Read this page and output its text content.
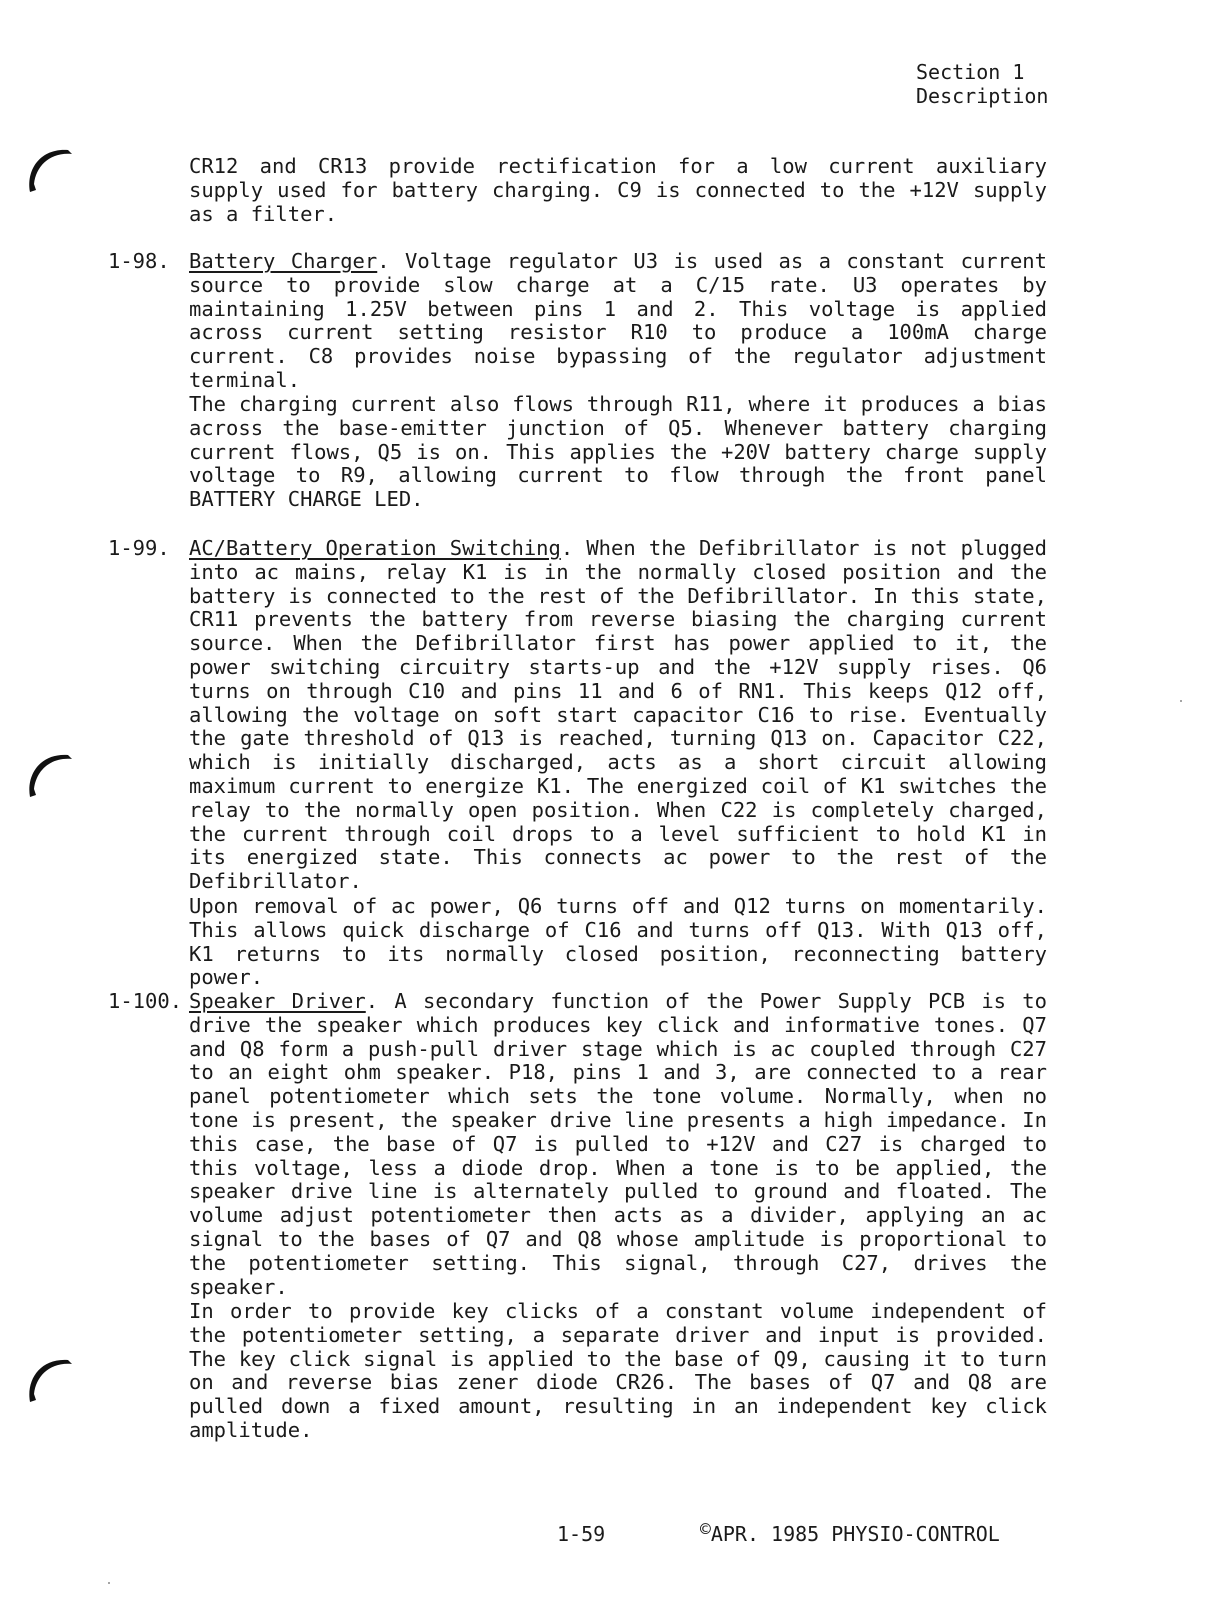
Section 1
Description

CR12 and CR13 provide rectification for a low current auxiliary supply used for battery charging. C9 is connected to the +12V supply as a filter.

1-98. Battery Charger. Voltage regulator U3 is used as a constant current source to provide slow charge at a C/15 rate. U3 operates by maintaining 1.25V between pins 1 and 2. This voltage is applied across current setting resistor R10 to produce a 100mA charge current. C8 provides noise bypassing of the regulator adjustment terminal.

The charging current also flows through R11, where it produces a bias across the base-emitter junction of Q5. Whenever battery charging current flows, Q5 is on. This applies the +20V battery charge supply voltage to R9, allowing current to flow through the front panel BATTERY CHARGE LED.

1-99. AC/Battery Operation Switching. When the Defibrillator is not plugged into ac mains, relay K1 is in the normally closed position and the battery is connected to the rest of the Defibrillator. In this state, CR11 prevents the battery from reverse biasing the charging current source. When the Defibrillator first has power applied to it, the power switching circuitry starts-up and the +12V supply rises. Q6 turns on through C10 and pins 11 and 6 of RN1. This keeps Q12 off, allowing the voltage on soft start capacitor C16 to rise. Eventually the gate threshold of Q13 is reached, turning Q13 on. Capacitor C22, which is initially discharged, acts as a short circuit allowing maximum current to energize K1. The energized coil of K1 switches the relay to the normally open position. When C22 is completely charged, the current through coil drops to a level sufficient to hold K1 in its energized state. This connects ac power to the rest of the Defibrillator.

Upon removal of ac power, Q6 turns off and Q12 turns on momentarily. This allows quick discharge of C16 and turns off Q13. With Q13 off, K1 returns to its normally closed position, reconnecting battery power.

1-100. Speaker Driver. A secondary function of the Power Supply PCB is to drive the speaker which produces key click and informative tones. Q7 and Q8 form a push-pull driver stage which is ac coupled through C27 to an eight ohm speaker. P18, pins 1 and 3, are connected to a rear panel potentiometer which sets the tone volume. Normally, when no tone is present, the speaker drive line presents a high impedance. In this case, the base of Q7 is pulled to +12V and C27 is charged to this voltage, less a diode drop. When a tone is to be applied, the speaker drive line is alternately pulled to ground and floated. The volume adjust potentiometer then acts as a divider, applying an ac signal to the bases of Q7 and Q8 whose amplitude is proportional to the potentiometer setting. This signal, through C27, drives the speaker.

In order to provide key clicks of a constant volume independent of the potentiometer setting, a separate driver and input is provided. The key click signal is applied to the base of Q9, causing it to turn on and reverse bias zener diode CR26. The bases of Q7 and Q8 are pulled down a fixed amount, resulting in an independent key click amplitude.

1-59	©APR. 1985 PHYSIO-CONTROL
